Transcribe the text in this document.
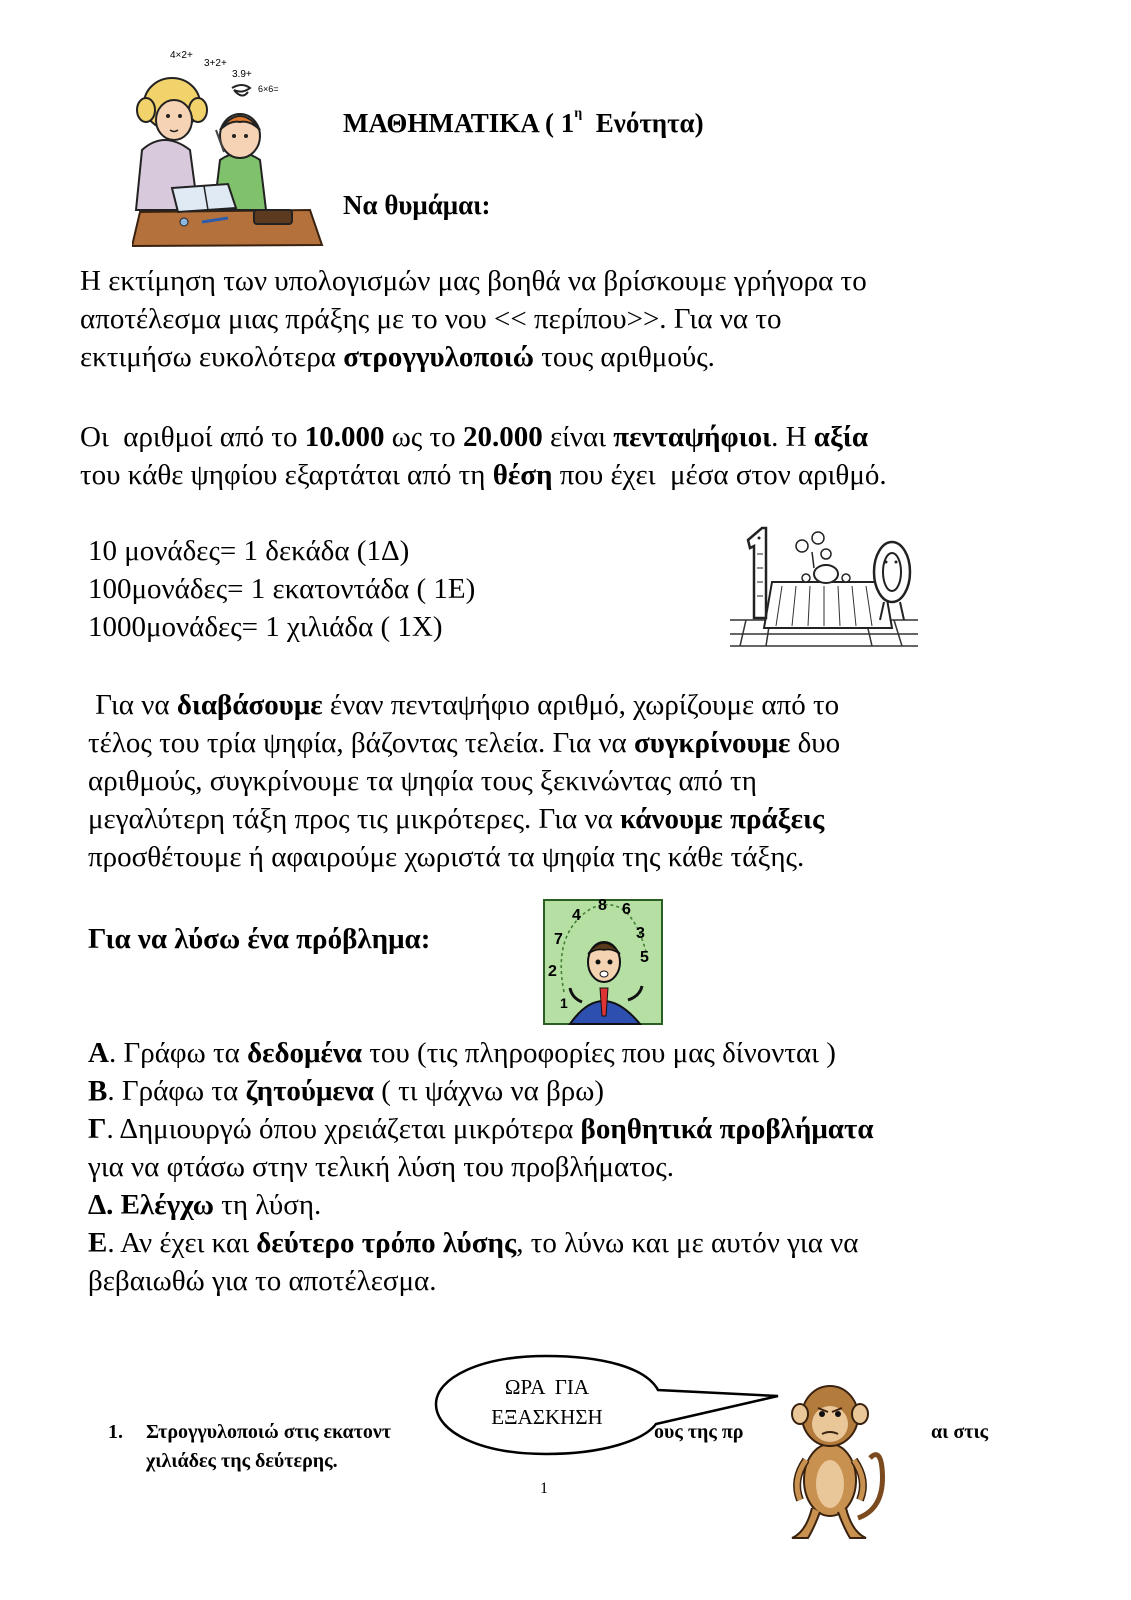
4×2+
3+2+
3.9+
6×6=
ΜΑΘΗΜΑΤΙΚΑ ( $1^\eta$  Ενότητα)
Να θυμάμαι:
Η εκτίμηση των υπολογισμών μας βοηθά να βρίσκουμε γρήγορα το
αποτέλεσμα μιας πράξης με το νου << περίπου>>. Για να το
εκτιμήσω ευκολότερα στρογγυλοποιώ τους αριθμούς.
Οι  αριθμοί από το 10.000 ως το 20.000 είναι πενταψήφιοι. Η αξία
του κάθε ψηφίου εξαρτάται από τη θέση που έχει  μέσα στον αριθμό.
10 μονάδες= 1 δεκάδα (1Δ)
100μονάδες= 1 εκατοντάδα ( 1Ε)
1000μονάδες= 1 χιλιάδα ( 1Χ)
Για να διαβάσουμε έναν πενταψήφιο αριθμό, χωρίζουμε από το
τέλος του τρία ψηφία, βάζοντας τελεία. Για να συγκρίνουμε δυο
αριθμούς, συγκρίνουμε τα ψηφία τους ξεκινώντας από τη
μεγαλύτερη τάξη προς τις μικρότερες. Για να κάνουμε πράξεις
προσθέτουμε ή αφαιρούμε χωριστά τα ψηφία της κάθε τάξης.
Για να λύσω ένα πρόβλημα:
2
7
4
8 6
3
5
1
Α. Γράφω τα δεδομένα του (τις πληροφορίες που μας δίνονται )
Β. Γράφω τα ζητούμενα ( τι ψάχνω να βρω)
Γ. Δημιουργώ όπου χρειάζεται μικρότερα βοηθητικά προβλήματα
για να φτάσω στην τελική λύση του προβλήματος.
Δ. Ελέγχω τη λύση.
Ε. Αν έχει και δεύτερο τρόπο λύσης, το λύνω και με αυτόν για να
βεβαιωθώ για το αποτέλεσμα.
1. Στρογγυλοποιώ στις εκατοντ	ους της πρ	αι στις
χιλιάδες της δεύτερης.
ΩΡΑ  ΓΙΑ
ΕΞΑΣΚΗΣΗ
1
